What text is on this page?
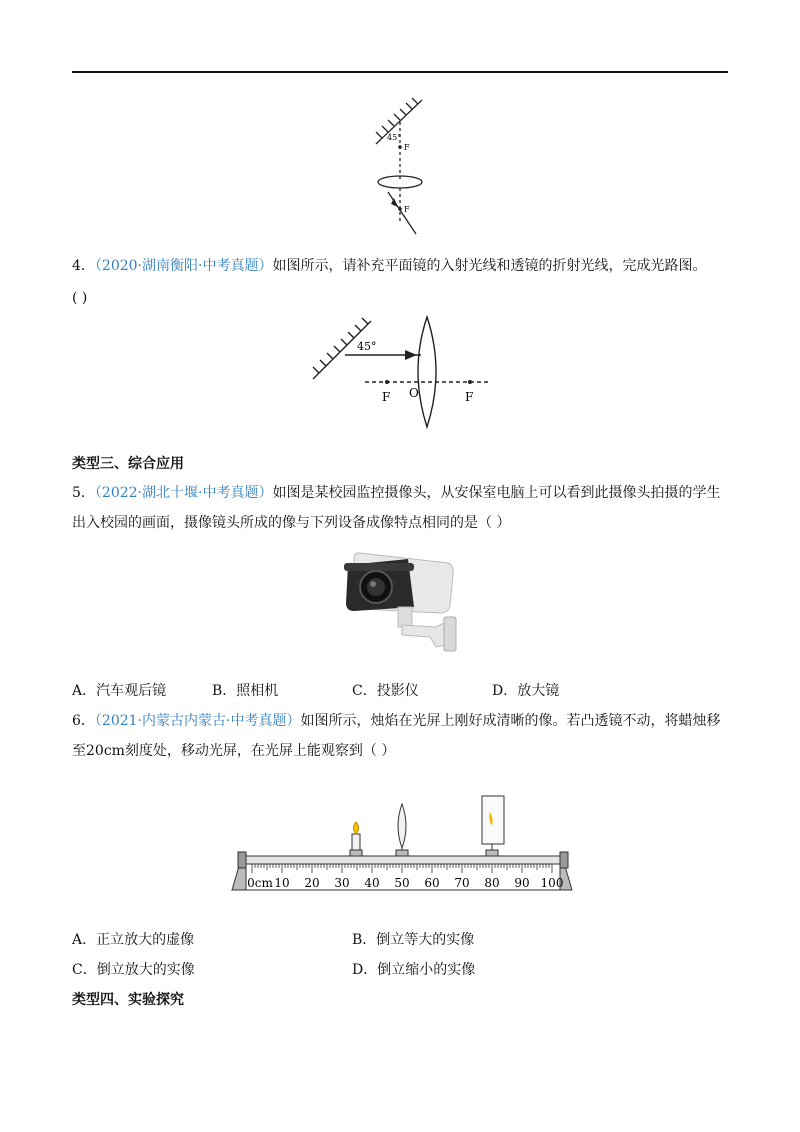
45°
F
F
4．（2020·湖南衡阳·中考真题）如图所示，请补充平面镜的入射光线和透镜的折射光线，完成光路图。
( )
45°
F O	F
类型三、综合应用
5．（2022·湖北十堰·中考真题）如图是某校园监控摄像头，从安保室电脑上可以看到此摄像头拍摄的学生
出入校园的画面，摄像镜头所成的像与下列设备成像特点相同的是（ ）
A．汽车观后镜	B．照相机	C．投影仪	D．放大镜
6．（2021·内蒙古内蒙古·中考真题）如图所示，烛焰在光屏上刚好成清晰的像。若凸透镜不动，将蜡烛移
至20cm刻度处，移动光屏，在光屏上能观察到（ ）
0cm 10 20 30 40 50 60 70 80 90 100
A．正立放大的虚像	B．倒立等大的实像
C．倒立放大的实像	D．倒立缩小的实像
类型四、实验探究
